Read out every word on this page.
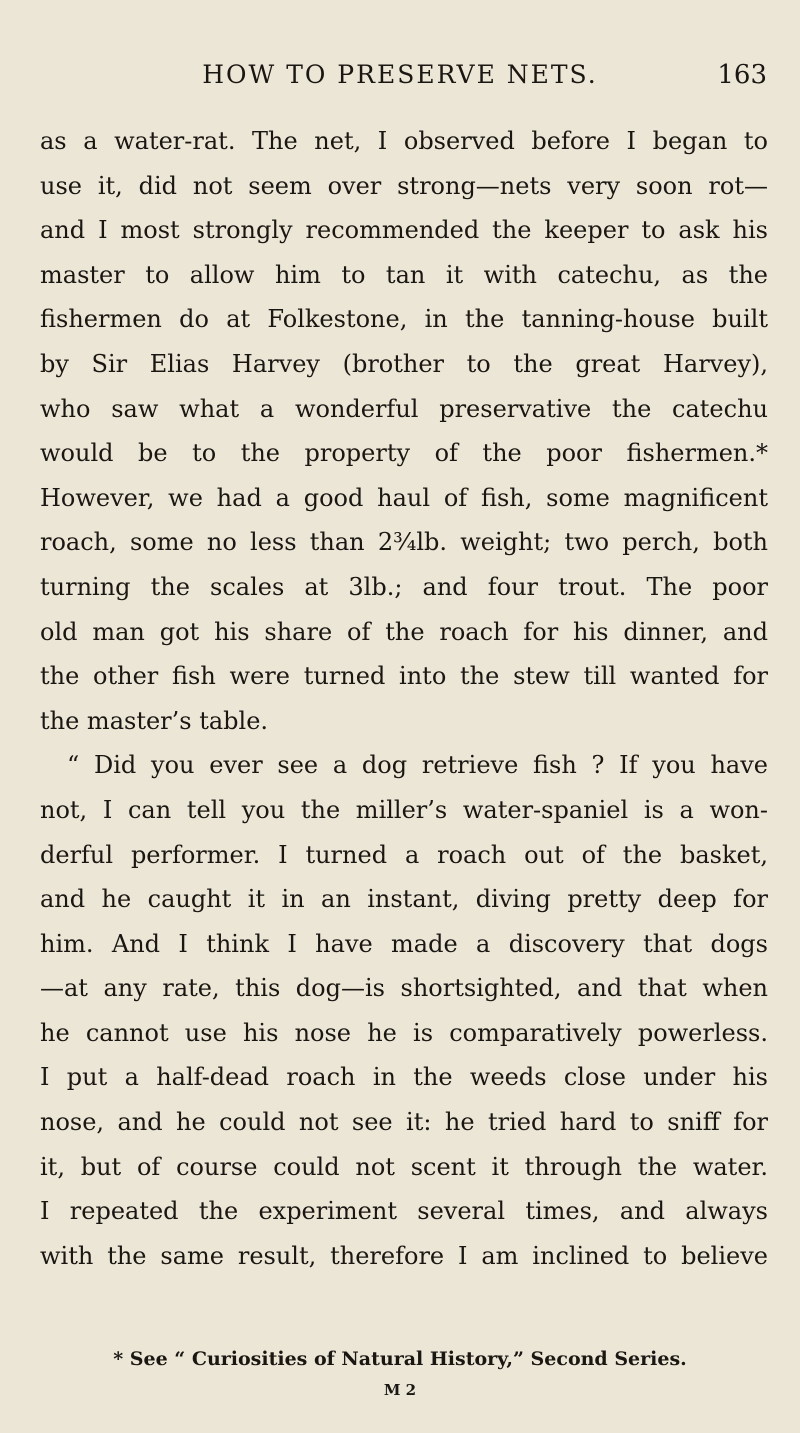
HOW TO PRESERVE NETS.	163
as a water-rat. The net, I observed before I began to
use it, did not seem over strong—nets very soon rot—
and I most strongly recommended the keeper to ask his
master to allow him to tan it with catechu, as the
fishermen do at Folkestone, in the tanning-house built
by Sir Elias Harvey (brother to the great Harvey),
who saw what a wonderful preservative the catechu
would be to the property of the poor fishermen.*
However, we had a good haul of fish, some magnificent
roach, some no less than 2¾lb. weight; two perch, both
turning the scales at 3lb.; and four trout. The poor
old man got his share of the roach for his dinner, and
the other fish were turned into the stew till wanted for
the master’s table.
“ Did you ever see a dog retrieve fish ? If you have
not, I can tell you the miller’s water-spaniel is a won-
derful performer. I turned a roach out of the basket,
and he caught it in an instant, diving pretty deep for
him. And I think I have made a discovery that dogs
—at any rate, this dog—is shortsighted, and that when
he cannot use his nose he is comparatively powerless.
I put a half-dead roach in the weeds close under his
nose, and he could not see it: he tried hard to sniff for
it, but of course could not scent it through the water.
I repeated the experiment several times, and always
with the same result, therefore I am inclined to believe
* See “ Curiosities of Natural History,” Second Series.
M 2
